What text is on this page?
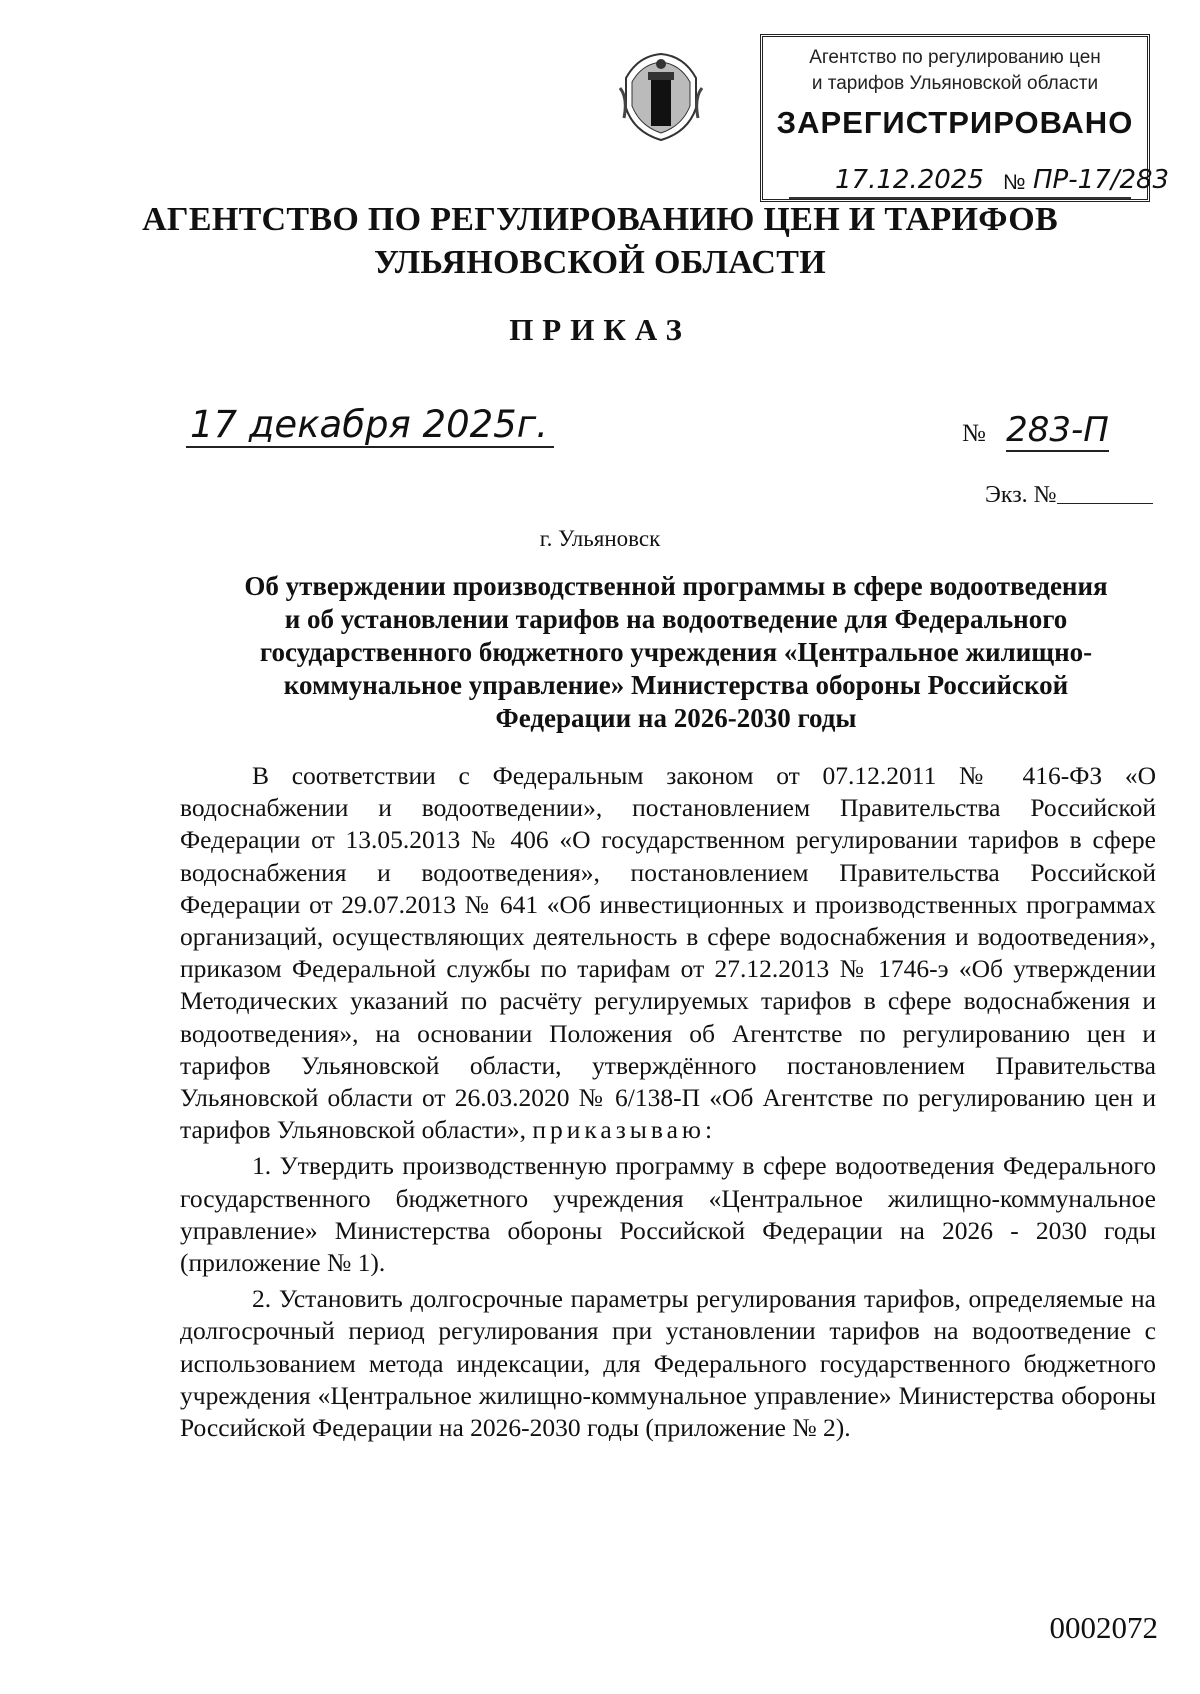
Агентство по регулированию цен
и тарифов Ульяновской области
ЗАРЕГИСТРИРОВАНО
17.12.2025 № ПР-17/283
АГЕНТСТВО ПО РЕГУЛИРОВАНИЮ ЦЕН И ТАРИФОВ
УЛЬЯНОВСКОЙ ОБЛАСТИ
ПРИКАЗ
17 декабря 2025г.	№ 283-П
Экз. №
г. Ульяновск
Об утверждении производственной программы в сфере водоотведения
и об установлении тарифов на водоотведение для Федерального
государственного бюджетного учреждения «Центральное жилищно-
коммунальное управление» Министерства обороны Российской
Федерации на 2026-2030 годы

В соответствии с Федеральным законом от 07.12.2011 № 416-ФЗ «О водоснабжении и водоотведении», постановлением Правительства Российской Федерации от 13.05.2013 № 406 «О государственном регулировании тарифов в сфере водоснабжения и водоотведения», постановлением Правительства Российской Федерации от 29.07.2013 № 641 «Об инвестиционных и производственных программах организаций, осуществляющих деятельность в сфере водоснабжения и водоотведения», приказом Федеральной службы по тарифам от 27.12.2013 № 1746-э «Об утверждении Методических указаний по расчёту регулируемых тарифов в сфере водоснабжения и водоотведения», на основании Положения об Агентстве по регулированию цен и тарифов Ульяновской области, утверждённого постановлением Правительства Ульяновской области от 26.03.2020 № 6/138-П «Об Агентстве по регулированию цен и тарифов Ульяновской области», приказываю:

1. Утвердить производственную программу в сфере водоотведения Федерального государственного бюджетного учреждения «Центральное жилищно-коммунальное управление» Министерства обороны Российской Федерации на 2026 - 2030 годы (приложение № 1).

2. Установить долгосрочные параметры регулирования тарифов, определяемые на долгосрочный период регулирования при установлении тарифов на водоотведение с использованием метода индексации, для Федерального государственного бюджетного учреждения «Центральное жилищно-коммунальное управление» Министерства обороны Российской Федерации на 2026-2030 годы (приложение № 2).

0002072
